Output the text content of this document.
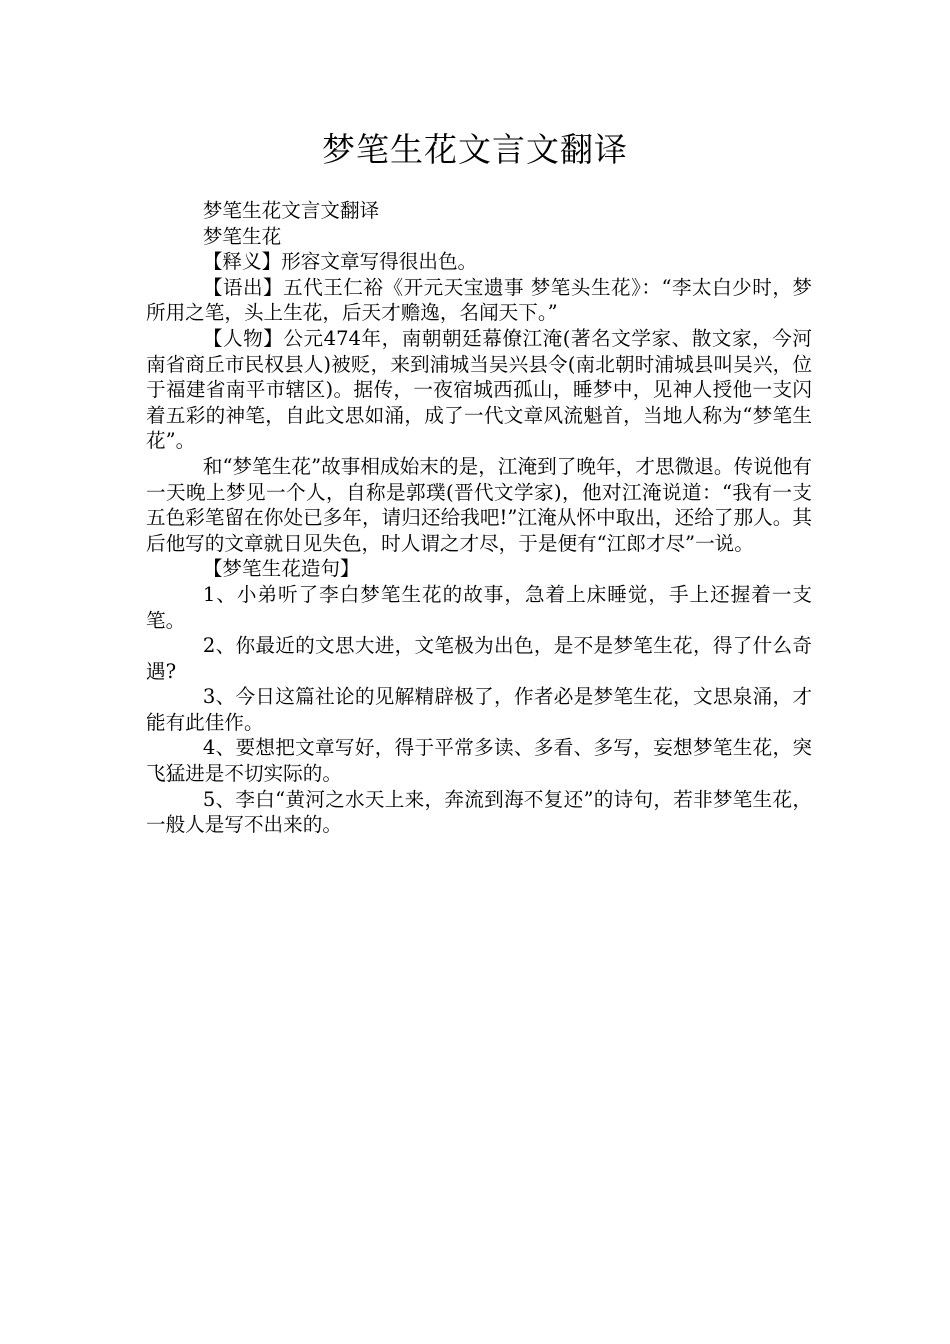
梦笔生花文言文翻译

梦笔生花文言文翻译

梦笔生花

【释义】形容文章写得很出色。

【语出】五代王仁裕《开元天宝遗事 梦笔头生花》：“李太白少时，梦所用之笔，头上生花，后天才赡逸，名闻天下。”

【人物】公元474年，南朝朝廷幕僚江淹(著名文学家、散文家，今河南省商丘市民权县人)被贬，来到浦城当吴兴县令(南北朝时浦城县叫吴兴，位于福建省南平市辖区)。据传，一夜宿城西孤山，睡梦中，见神人授他一支闪着五彩的神笔，自此文思如涌，成了一代文章风流魁首，当地人称为“梦笔生花”。

和“梦笔生花”故事相成始末的是，江淹到了晚年，才思微退。传说他有一天晚上梦见一个人，自称是郭璞(晋代文学家)，他对江淹说道：“我有一支五色彩笔留在你处已多年，请归还给我吧!”江淹从怀中取出，还给了那人。其后他写的文章就日见失色，时人谓之才尽，于是便有“江郎才尽”一说。

【梦笔生花造句】

1、小弟听了李白梦笔生花的故事，急着上床睡觉，手上还握着一支笔。

2、你最近的文思大进，文笔极为出色，是不是梦笔生花，得了什么奇遇?

3、今日这篇社论的见解精辟极了，作者必是梦笔生花，文思泉涌，才能有此佳作。

4、要想把文章写好，得于平常多读、多看、多写，妄想梦笔生花，突飞猛进是不切实际的。

5、李白“黄河之水天上来，奔流到海不复还”的诗句，若非梦笔生花，一般人是写不出来的。
